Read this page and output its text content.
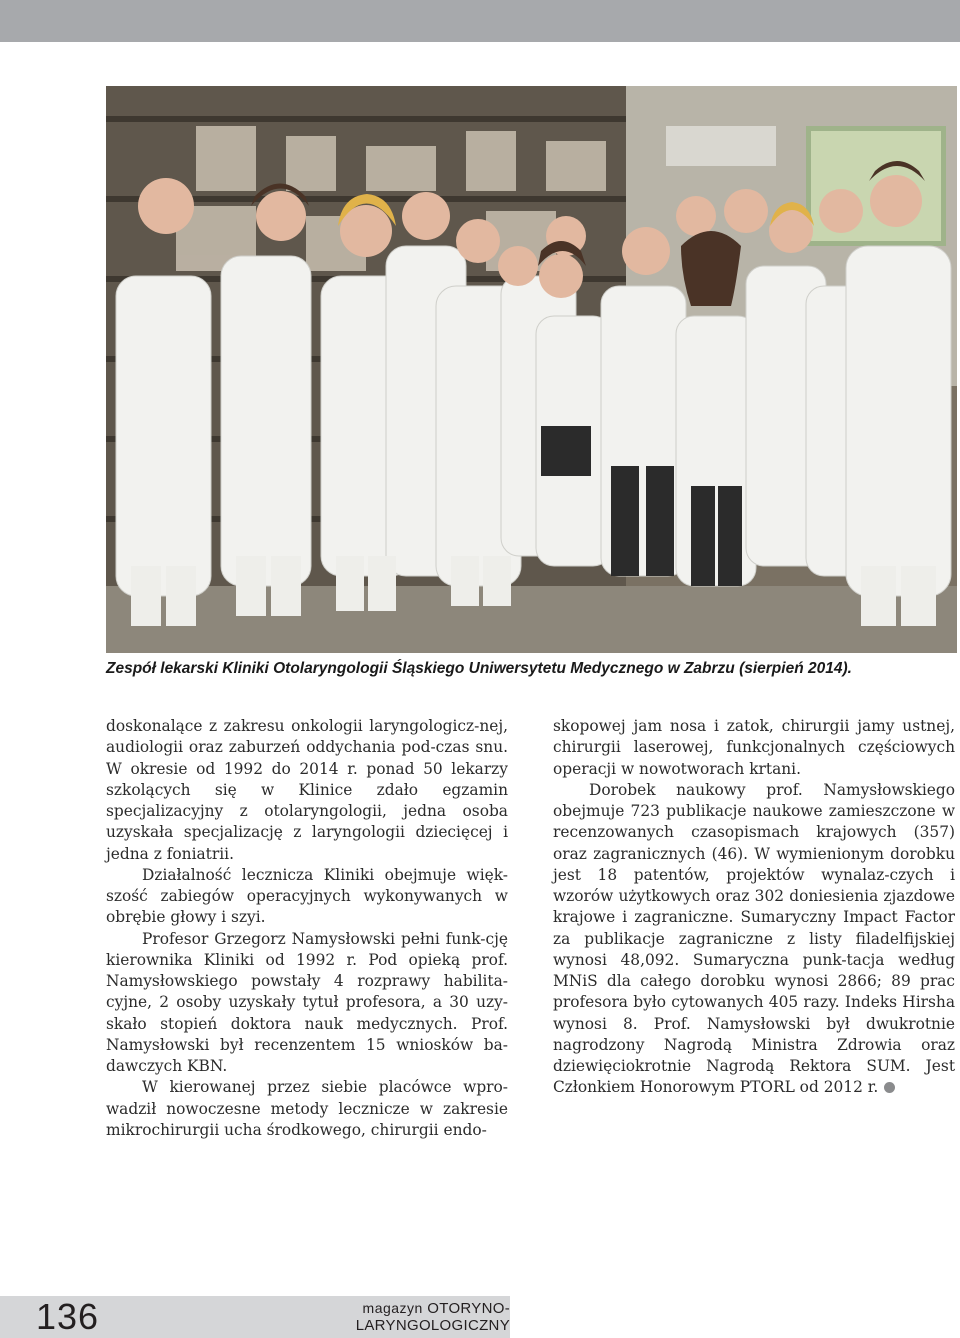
Zespół lekarski Kliniki Otolaryngologii Śląskiego Uniwersytetu Medycznego w Zabrzu (sierpień 2014).

doskonalące z zakresu onkologii laryngologicz-nej, audiologii oraz zaburzeń oddychania pod-czas snu. W okresie od 1992 do 2014 r. ponad 50 lekarzy szkolących się w Klinice zdało egzamin specjalizacyjny z otolaryngologii, jedna osoba uzyskała specjalizację z laryngologii dziecięcej i jedna z foniatrii.

Działalność lecznicza Kliniki obejmuje więk-szość zabiegów operacyjnych wykonywanych w obrębie głowy i szyi.

Profesor Grzegorz Namysłowski pełni funk-cję kierownika Kliniki od 1992 r. Pod opieką prof. Namysłowskiego powstały 4 rozprawy habilita-cyjne, 2 osoby uzyskały tytuł profesora, a 30 uzy-skało stopień doktora nauk medycznych. Prof. Namysłowski był recenzentem 15 wniosków ba-dawczych KBN.

W kierowanej przez siebie placówce wpro-wadził nowoczesne metody lecznicze w zakresie mikrochirurgii ucha środkowego, chirurgii endo-

skopowej jam nosa i zatok, chirurgii jamy ustnej, chirurgii laserowej, funkcjonalnych częściowych operacji w nowotworach krtani.

Dorobek naukowy prof. Namysłowskiego obejmuje 723 publikacje naukowe zamieszczone w recenzowanych czasopismach krajowych (357) oraz zagranicznych (46). W wymienionym dorobku jest 18 patentów, projektów wynalaz-czych i wzorów użytkowych oraz 302 doniesienia zjazdowe krajowe i zagraniczne. Sumaryczny Impact Factor za publikacje zagraniczne z listy filadelfijskiej wynosi 48,092. Sumaryczna punk-tacja według MNiS dla całego dorobku wynosi 2866; 89 prac profesora było cytowanych 405 razy. Indeks Hirsha wynosi 8. Prof. Namysłowski był dwukrotnie nagrodzony Nagrodą Ministra Zdrowia oraz dziewięciokrotnie Nagrodą Rektora SUM. Jest Członkiem Honorowym PTORL od 2012 r.

136	magazyn OTORYNO-
LARYNGOLOGICZNY
